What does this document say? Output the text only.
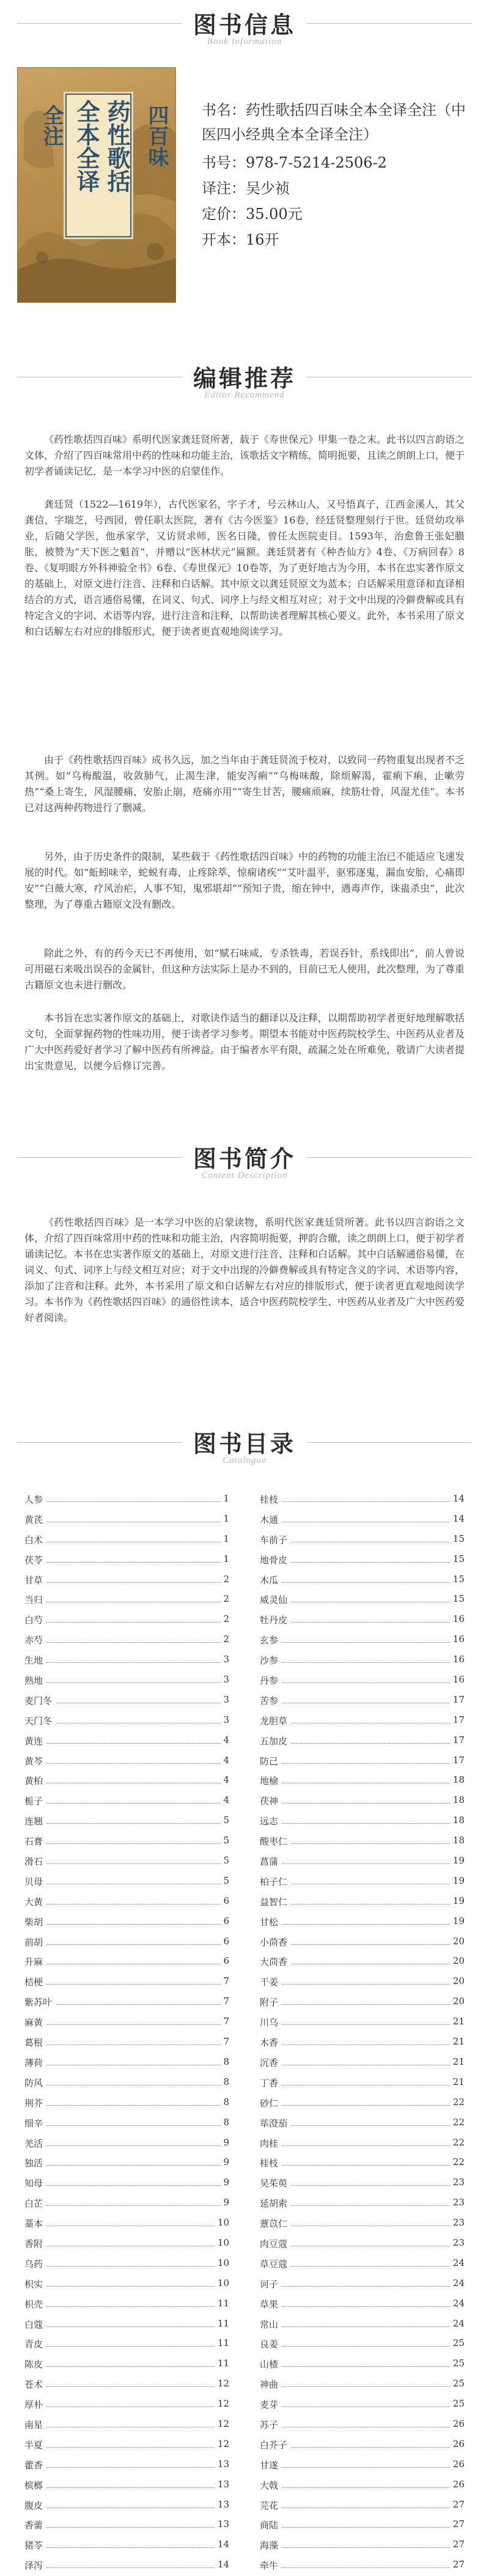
图书信息
Book Information
药性歌括
全本全译	四百味
全注	书名：药性歌括四百味全本全译全注（中医四小经典全本全译全注）
书号：978-7-5214-2506-2
译注：吴少祯
定价：35.00元
开本：16开
编辑推荐
Editor Recommend
《药性歌括四百味》系明代医家龚廷贤所著，载于《寿世保元》甲集一卷之末。此书以四言韵语之文体，介绍了四百味常用中药的性味和功能主治，该歌括文字精练，简明扼要，且读之朗朗上口，便于初学者诵读记忆，是一本学习中医的启蒙佳作。
龚廷贤（1522—1619年），古代医家名，字子才，号云林山人，又号悟真子，江西金溪人，其父龚信，字瑞芝，号西园，曾任职太医院，著有《古今医鉴》16卷，经廷贤整理刻行于世。廷贤幼攻举业，后随父学医，他承家学，又访贤求师，医名日隆，曾任太医院吏目。1593年，治愈鲁王张妃臌胀，被赞为“天下医之魁首”，并赠以“医林状元”匾额。龚廷贤著有《种杏仙方》4卷、《万病回春》8卷、《复明眼方外科神验全书》6卷、《寿世保元》10卷等，为了更好地古为今用，本书在忠实著作原文的基础上，对原文进行注音、注释和白话解。其中原文以龚廷贤原文为蓝本；白话解采用意译和直译相结合的方式，语言通俗易懂，在词义、句式、词序上与经文相互对应；对于文中出现的冷僻费解或具有特定含义的字词、术语等内容，进行注音和注释，以帮助读者理解其核心要义。此外，本书采用了原文和白话解左右对应的排版形式，便于读者更直观地阅读学习。
由于《药性歌括四百味》成书久远，加之当年由于龚廷贤流于校对，以致同一药物重复出现者不乏其例。如“乌梅酸温，收敛肺气，止渴生津，能安泻痢”“乌梅味酸，除烦解渴，霍痢下痢，止嗽劳热”“桑上寄生，风湿腰痛，安胎止崩，疮痛亦用”“寄生甘苦，腰痛顽麻，续筋壮骨，风湿尤佳”。本书已对这两种药物进行了删减。
另外，由于历史条件的限制，某些载于《药性歌括四百味》中的药物的功能主治已不能适应飞速发展的时代。如“蚯蚓味辛，蛇蜕有毒，止疼除萃，惊痫诸疾”“艾叶温平，驱邪逐鬼，漏血安胎，心痛即安”“白薇大寒，疗风治疟，人事不知，鬼邪堪却”“预知子贵，缩在钟中，遇毒声作，诛蛊杀虫”，此次整理，为了尊重古籍原文没有删改。
除此之外，有的药今天已不再使用，如“赋石味咸，专杀铁毒，若误吞针，系线即出”，前人曾说可用磁石来吸出误吞的金属针，但这种方法实际上是办不到的，目前已无人使用，此次整理，为了尊重古籍原文也未进行删改。
本书旨在忠实著作原文的基础上，对歌诀作适当的翻译以及注释，以期帮助初学者更好地理解歌括文句，全面掌握药物的性味功用，便于读者学习参考。期望本书能对中医药院校学生、中医药从业者及广大中医药爱好者学习了解中医药有所裨益。由于编者水平有限，疏漏之处在所难免，敬请广大读者提出宝贵意见，以便今后修订完善。
图书简介
Content Description
《药性歌括四百味》是一本学习中医的启蒙读物，系明代医家龚廷贤所著。此书以四言韵语之文体，介绍了四百味常用中药的性味和功能主治，内容简明扼要，押韵合辙，读之朗朗上口，便于初学者诵读记忆。本书在忠实著作原文的基础上，对原文进行注音、注释和白话解。其中白话解通俗易懂，在词义、句式、词序上与经文相互对应；对于文中出现的冷僻费解或具有特定含义的字词、术语等内容，添加了注音和注释。此外，本书采用了原文和白话解左右对应的排版形式，便于读者更直观地阅读学习。本书作为《药性歌括四百味》的通俗性读本，适合中医药院校学生、中医药从业者及广大中医药爱好者阅读。
图书目录
Catalogue
人参	1
黄芪	1
白术	1
茯苓	1
甘草	2
当归	2
白芍	2
赤芍	2
生地	3
熟地	3
麦门冬	3
天门冬	3
黄连	4
黄芩	4
黄柏	4
栀子	4
连翘	5
石膏	5
滑石	5
贝母	5
大黄	6
柴胡	6
前胡	6
升麻	6
桔梗	7
紫苏叶	7
麻黄	7
葛根	7
薄荷	8
防风	8
荆芥	8
细辛	8
羌活	9
独活	9
知母	9
白芷	9
藁本	10
香附	10
乌药	10
枳实	10
枳壳	11
白蔻	11
青皮	11
陈皮	11
苍术	12
厚朴	12
南星	12
半夏	12
藿香	13
槟榔	13
腹皮	13
香薷	13
猪苓	14
泽泻	14
桂枝	14
木通	14
车前子	15
地骨皮	15
木瓜	15
威灵仙	15
牡丹皮	16
玄参	16
沙参	16
丹参	16
苦参	17
龙胆草	17
五加皮	17
防己	17
地榆	18
茯神	18
远志	18
酸枣仁	18
菖蒲	19
柏子仁	19
益智仁	19
甘松	19
小茴香	20
大茴香	20
干姜	20
附子	20
川乌	21
木香	21
沉香	21
丁香	21
砂仁	22
荜澄茄	22
肉桂	22
桂枝	22
吴茱萸	23
延胡索	23
薏苡仁	23
肉豆蔻	23
草豆蔻	24
诃子	24
草果	24
常山	24
良姜	25
山楂	25
神曲	25
麦芽	25
苏子	26
白芥子	26
甘遂	26
大戟	26
芫花	27
商陆	27
海藻	27
牵牛	27
